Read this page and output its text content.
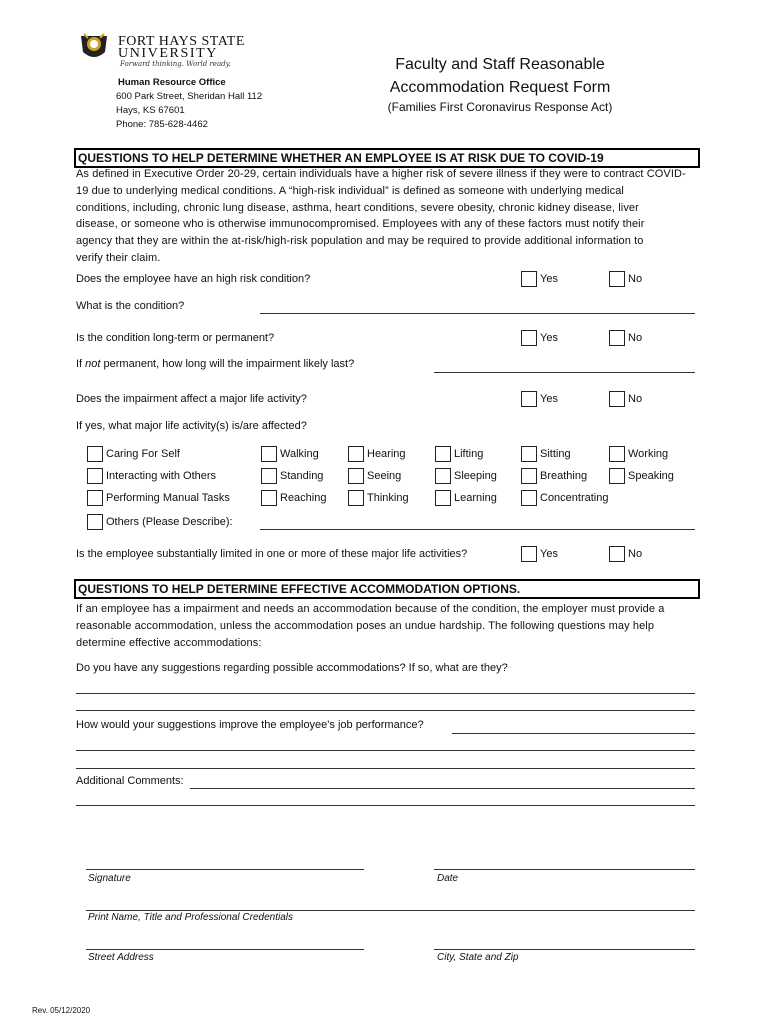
FORT HAYS STATE
UNIVERSITY
Forward thinking. World ready.
Human Resource Office
600 Park Street, Sheridan Hall 112
Hays, KS 67601
Phone: 785-628-4462
Faculty and Staff Reasonable
Accommodation Request Form
(Families First Coronavirus Response Act)
QUESTIONS TO HELP DETERMINE WHETHER AN EMPLOYEE IS AT RISK DUE TO COVID-19
As defined in Executive Order 20-29, certain individuals have a higher risk of severe illness if they were to contract COVID-
19 due to underlying medical conditions. A “high-risk individual” is defined as someone with underlying medical
conditions, including, chronic lung disease, asthma, heart conditions, severe obesity, chronic kidney disease, liver
disease, or someone who is otherwise immunocompromised. Employees with any of these factors must notify their
agency that they are within the at-risk/high-risk population and may be required to provide additional information to
verify their claim.
Does the employee have an high risk condition?	Yes	No
What is the condition?
Is the condition long-term or permanent?	Yes	No
If not permanent, how long will the impairment likely last?
Does the impairment affect a major life activity?	Yes	No
If yes, what major life activity(s) is/are affected?
Caring For Self	Walking	Hearing	Lifting	Sitting	Working
Interacting with Others	Standing	Seeing	Sleeping	Breathing	Speaking
Performing Manual Tasks	Reaching	Thinking	Learning	Concentrating
Others (Please Describe):
Is the employee substantially limited in one or more of these major life activities?	Yes	No
QUESTIONS TO HELP DETERMINE EFFECTIVE ACCOMMODATION OPTIONS.
If an employee has a impairment and needs an accommodation because of the condition, the employer must provide a
reasonable accommodation, unless the accommodation poses an undue hardship. The following questions may help
determine effective accommodations:
Do you have any suggestions regarding possible accommodations? If so, what are they?
How would your suggestions improve the employee's job performance?
Additional Comments:
Signature	Date
Print Name, Title and Professional Credentials
Street Address	City, State and Zip
Rev. 05/12/2020
